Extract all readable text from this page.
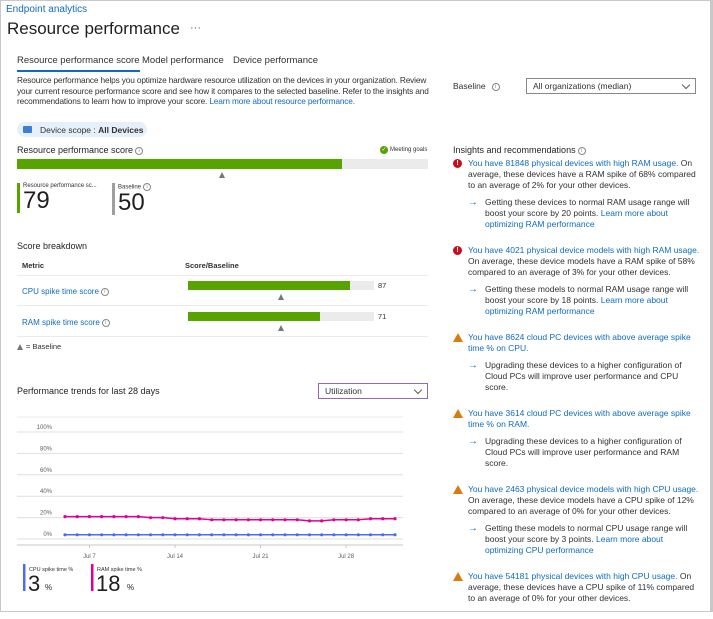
Endpoint analytics
Resource performance ···
Resource performance score Model performance Device performance
Resource performance helps you optimize hardware resource utilization on the devices in your organization. Review your current resource performance score and see how it compares to the selected baseline. Refer to the insights and recommendations to learn how to improve your score. Learn more about resource performance.
Device scope : All Devices
Resource performance score i	✓ Meeting goals
Resource performance sc...
79	Baseline i
50
Score breakdown
Metric	Score/Baseline
CPU spike time score i
87
RAM spike time score i
71
= Baseline
Performance trends for last 28 days	Utilization
0%
20%
40%
60%
80%
100%
Jul 7	Jul 14	Jul 21	Jul 28
CPU spike time %
3 %
RAM spike time %
18 %
Baseline i	All organizations (median)
Insights and recommendations i
!	You have 81848 physical devices with high RAM usage. On average, these devices have a RAM spike of 68% compared to an average of 2% for your other devices.
→ Getting these devices to normal RAM usage range will boost your score by 20 points. Learn more about optimizing RAM performance
!	You have 4021 physical device models with high RAM usage. On average, these device models have a RAM spike of 58% compared to an average of 3% for your other devices.
→ Getting these models to normal RAM usage range will boost your score by 18 points. Learn more about optimizing RAM performance
You have 8624 cloud PC devices with above average spike time % on CPU.
→ Upgrading these devices to a higher configuration of Cloud PCs will improve user performance and CPU score.
You have 3614 cloud PC devices with above average spike time % on RAM.
→ Upgrading these devices to a higher configuration of Cloud PCs will improve user performance and RAM score.
You have 2463 physical device models with high CPU usage. On average, these device models have a CPU spike of 12% compared to an average of 0% for your other devices.
→ Getting these models to normal CPU usage range will boost your score by 3 points. Learn more about optimizing CPU performance
You have 54181 physical devices with high CPU usage. On average, these devices have a CPU spike of 11% compared to an average of 0% for your other devices.
